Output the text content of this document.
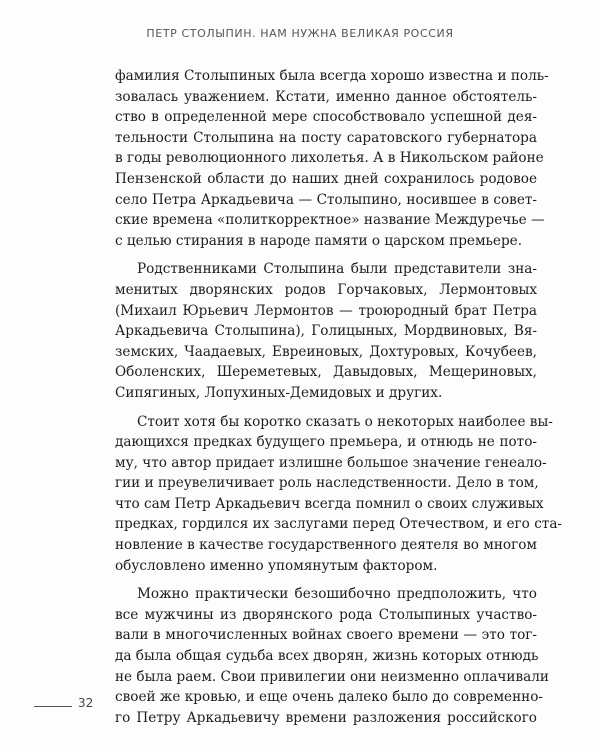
ПЕТР СТОЛЫПИН. НАМ НУЖНА ВЕЛИКАЯ РОССИЯ
фамилия Столыпиных была всегда хорошо известна и поль-
зовалась уважением. Кстати, именно данное обстоятель-
ство в определенной мере способствовало успешной дея-
тельности Столыпина на посту саратовского губернатора
в годы революционного лихолетья. А в Никольском районе
Пензенской области до наших дней сохранилось родовое
село Петра Аркадьевича — Столыпино, носившее в совет-
ские времена «политкорректное» название Междуречье —
с целью стирания в народе памяти о царском премьере.
Родственниками Столыпина были представители зна-
менитых дворянских родов Горчаковых, Лермонтовых
(Михаил Юрьевич Лермонтов — троюродный брат Петра
Аркадьевича Столыпина), Голицыных, Мордвиновых, Вя-
земских, Чаадаевых, Евреиновых, Дохтуровых, Кочубеев,
Оболенских, Шереметевых, Давыдовых, Мещериновых,
Сипягиных, Лопухиных-Демидовых и других.
Стоит хотя бы коротко сказать о некоторых наиболее вы-
дающихся предках будущего премьера, и отнюдь не пото-
му, что автор придает излишне большое значение генеало-
гии и преувеличивает роль наследственности. Дело в том,
что сам Петр Аркадьевич всегда помнил о своих служивых
предках, гордился их заслугами перед Отечеством, и его ста-
новление в качестве государственного деятеля во многом
обусловлено именно упомянутым фактором.
Можно практически безошибочно предположить, что
все мужчины из дворянского рода Столыпиных участво-
вали в многочисленных войнах своего времени — это тог-
да была общая судьба всех дворян, жизнь которых отнюдь
не была раем. Свои привилегии они неизменно оплачивали
своей же кровью, и еще очень далеко было до современно-
го Петру Аркадьевичу времени разложения российского
32
